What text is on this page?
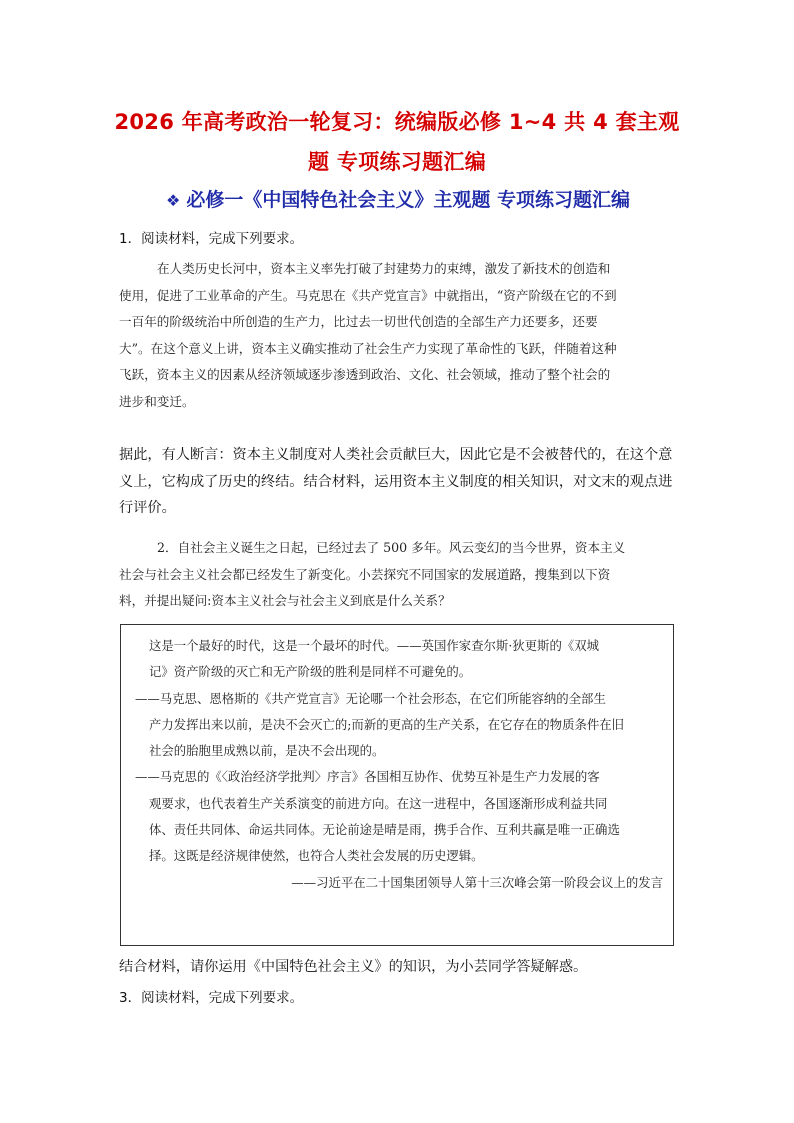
2026 年高考政治一轮复习：统编版必修 1~4 共 4 套主观
题 专项练习题汇编
❖ 必修一《中国特色社会主义》主观题 专项练习题汇编
1．阅读材料，完成下列要求。
在人类历史长河中，资本主义率先打破了封建势力的束缚，激发了新技术的创造和
使用，促进了工业革命的产生。马克思在《共产党宣言》中就指出，“资产阶级在它的不到
一百年的阶级统治中所创造的生产力，比过去一切世代创造的全部生产力还要多，还要
大”。在这个意义上讲，资本主义确实推动了社会生产力实现了革命性的飞跃，伴随着这种
飞跃，资本主义的因素从经济领域逐步渗透到政治、文化、社会领域，推动了整个社会的
进步和变迁。
据此，有人断言：资本主义制度对人类社会贡献巨大，因此它是不会被替代的，在这个意
义上，它构成了历史的终结。结合材料，运用资本主义制度的相关知识，对文末的观点进
行评价。
2．自社会主义诞生之日起，已经过去了 500 多年。风云变幻的当今世界，资本主义
社会与社会主义社会都已经发生了新变化。小芸探究不同国家的发展道路，搜集到以下资
料，并提出疑问:资本主义社会与社会主义到底是什么关系？
这是一个最好的时代，这是一个最坏的时代。——英国作家查尔斯·狄更斯的《双城
记》资产阶级的灭亡和无产阶级的胜利是同样不可避免的。
——马克思、恩格斯的《共产党宣言》无论哪一个社会形态，在它们所能容纳的全部生
产力发挥出来以前，是决不会灭亡的;而新的更高的生产关系，在它存在的物质条件在旧
社会的胎胞里成熟以前，是决不会出现的。
——马克思的《〈政治经济学批判〉序言》各国相互协作、优势互补是生产力发展的客
观要求，也代表着生产关系演变的前进方向。在这一进程中，各国逐渐形成利益共同
体、责任共同体、命运共同体。无论前途是晴是雨，携手合作、互利共赢是唯一正确选
择。这既是经济规律使然，也符合人类社会发展的历史逻辑。
——习近平在二十国集团领导人第十三次峰会第一阶段会议上的发言
结合材料，请你运用《中国特色社会主义》的知识，为小芸同学答疑解惑。
3．阅读材料，完成下列要求。
